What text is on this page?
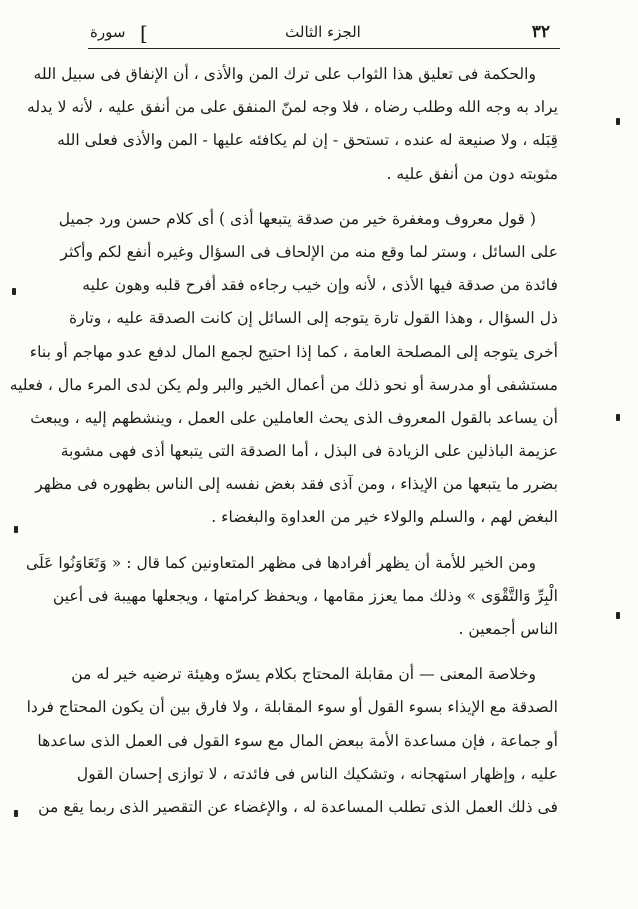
سورة [	الجزء الثالث	٣٢
والحكمة فى تعليق هذا الثواب على ترك المن والأذى ، أن الإنفاق فى سبيل الله
يراد به وجه الله وطلب رضاه ، فلا وجه لمنّ المنفق على من أنفق عليه ، لأنه لا يدله
قِبَله ، ولا صنيعة له عنده ، تستحق - إن لم يكافئه عليها - المن والأذى فعلى الله
مثوبته دون من أنفق عليه .
( قول معروف ومغفرة خير من صدقة يتبعها أذى ) أى كلام حسن ورد جميل
على السائل ، وستر لما وقع منه من الإلحاف فى السؤال وغيره أنفع لكم وأكثر
فائدة من صدقة فيها الأذى ، لأنه وإن خيب رجاءه فقد أفرح قلبه وهون عليه
ذل السؤال ، وهذا القول تارة يتوجه إلى السائل إن كانت الصدقة عليه ، وتارة
أخرى يتوجه إلى المصلحة العامة ، كما إذا احتيج لجمع المال لدفع عدو مهاجم أو بناء
مستشفى أو مدرسة أو نحو ذلك من أعمال الخير والبر ولم يكن لدى المرء مال ، فعليه
أن يساعد بالقول المعروف الذى يحث العاملين على العمل ، وينشطهم إليه ، ويبعث
عزيمة الباذلين على الزيادة فى البذل ، أما الصدقة التى يتبعها أذى فهى مشوبة
بضرر ما يتبعها من الإيذاء ، ومن آذى فقد بغض نفسه إلى الناس بظهوره فى مظهر
البغض لهم ، والسلم والولاء خير من العداوة والبغضاء .
ومن الخير للأمة أن يظهر أفرادها فى مظهر المتعاونين كما قال : « وَتَعَاوَنُوا عَلَى
الْبِرِّ وَالتَّقْوَى » وذلك مما يعزز مقامها ، ويحفظ كرامتها ، ويجعلها مهيبة فى أعين
الناس أجمعين .
وخلاصة المعنى — أن مقابلة المحتاج بكلام يسرّه وهيئة ترضيه خير له من
الصدقة مع الإيذاء بسوء القول أو سوء المقابلة ، ولا فارق بين أن يكون المحتاج فردا
أو جماعة ، فإن مساعدة الأمة ببعض المال مع سوء القول فى العمل الذى ساعدها
عليه ، وإظهار استهجانه ، وتشكيك الناس فى فائدته ، لا توازى إحسان القول
فى ذلك العمل الذى تطلب المساعدة له ، والإغضاء عن التقصير الذى ربما يقع من
